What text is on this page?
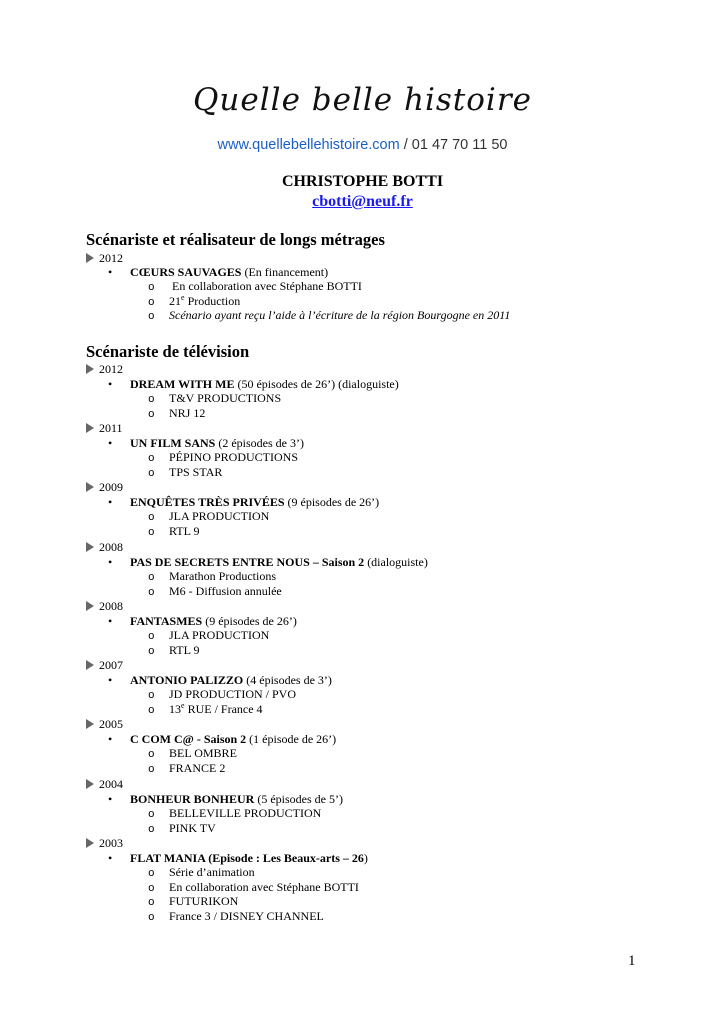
Quelle belle histoire
www.quellebellehistoire.com / 01 47 70 11 50
CHRISTOPHE BOTTI
cbotti@neuf.fr
Scénariste et réalisateur de longs métrages
2012
• CŒURS SAUVAGES (En financement)
o En collaboration avec Stéphane BOTTI
o 21e Production
o Scénario ayant reçu l’aide à l’écriture de la région Bourgogne en 2011
Scénariste de télévision
2012
• DREAM WITH ME (50 épisodes de 26’) (dialoguiste)
o T&V PRODUCTIONS
o NRJ 12
2011
• UN FILM SANS (2 épisodes de 3’)
o PÉPINO PRODUCTIONS
o TPS STAR
2009
• ENQUÊTES TRÈS PRIVÉES (9 épisodes de 26’)
o JLA PRODUCTION
o RTL 9
2008
• PAS DE SECRETS ENTRE NOUS – Saison 2 (dialoguiste)
o Marathon Productions
o M6 - Diffusion annulée
2008
• FANTASMES (9 épisodes de 26’)
o JLA PRODUCTION
o RTL 9
2007
• ANTONIO PALIZZO (4 épisodes de 3’)
o JD PRODUCTION / PVO
o 13e RUE / France 4
2005
• C COM C@ - Saison 2 (1 épisode de 26’)
o BEL OMBRE
o FRANCE 2
2004
• BONHEUR BONHEUR (5 épisodes de 5’)
o BELLEVILLE PRODUCTION
o PINK TV
2003
• FLAT MANIA (Episode : Les Beaux-arts – 26)
o Série d’animation
o En collaboration avec Stéphane BOTTI
o FUTURIKON
o France 3 / DISNEY CHANNEL
1
